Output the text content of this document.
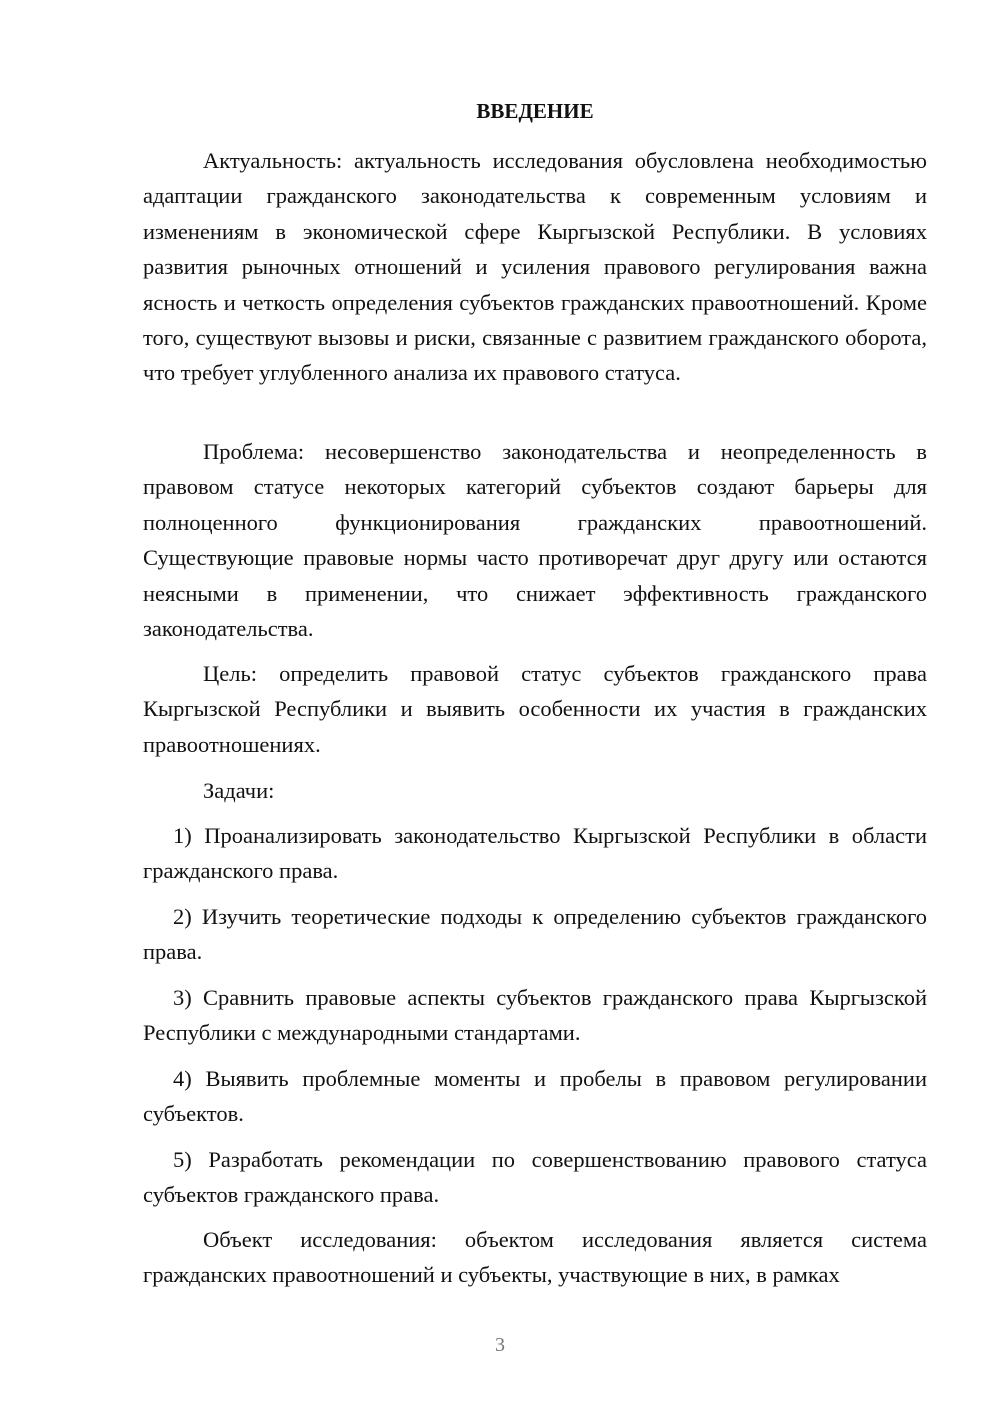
ВВЕДЕНИЕ

Актуальность: актуальность исследования обусловлена необходимостью адаптации гражданского законодательства к современным условиям и изменениям в экономической сфере Кыргызской Республики. В условиях развития рыночных отношений и усиления правового регулирования важна ясность и четкость определения субъектов гражданских правоотношений. Кроме того, существуют вызовы и риски, связанные с развитием гражданского оборота, что требует углубленного анализа их правового статуса.

Проблема: несовершенство законодательства и неопределенность в правовом статусе некоторых категорий субъектов создают барьеры для полноценного функционирования гражданских правоотношений. Существующие правовые нормы часто противоречат друг другу или остаются неясными в применении, что снижает эффективность гражданского законодательства.

Цель: определить правовой статус субъектов гражданского права Кыргызской Республики и выявить особенности их участия в гражданских правоотношениях.

Задачи:

1) Проанализировать законодательство Кыргызской Республики в области гражданского права.

2) Изучить теоретические подходы к определению субъектов гражданского права.

3) Сравнить правовые аспекты субъектов гражданского права Кыргызской Республики с международными стандартами.

4) Выявить проблемные моменты и пробелы в правовом регулировании субъектов.

5) Разработать рекомендации по совершенствованию правового статуса субъектов гражданского права.

Объект исследования: объектом исследования является система гражданских правоотношений и субъекты, участвующие в них, в рамках

3
